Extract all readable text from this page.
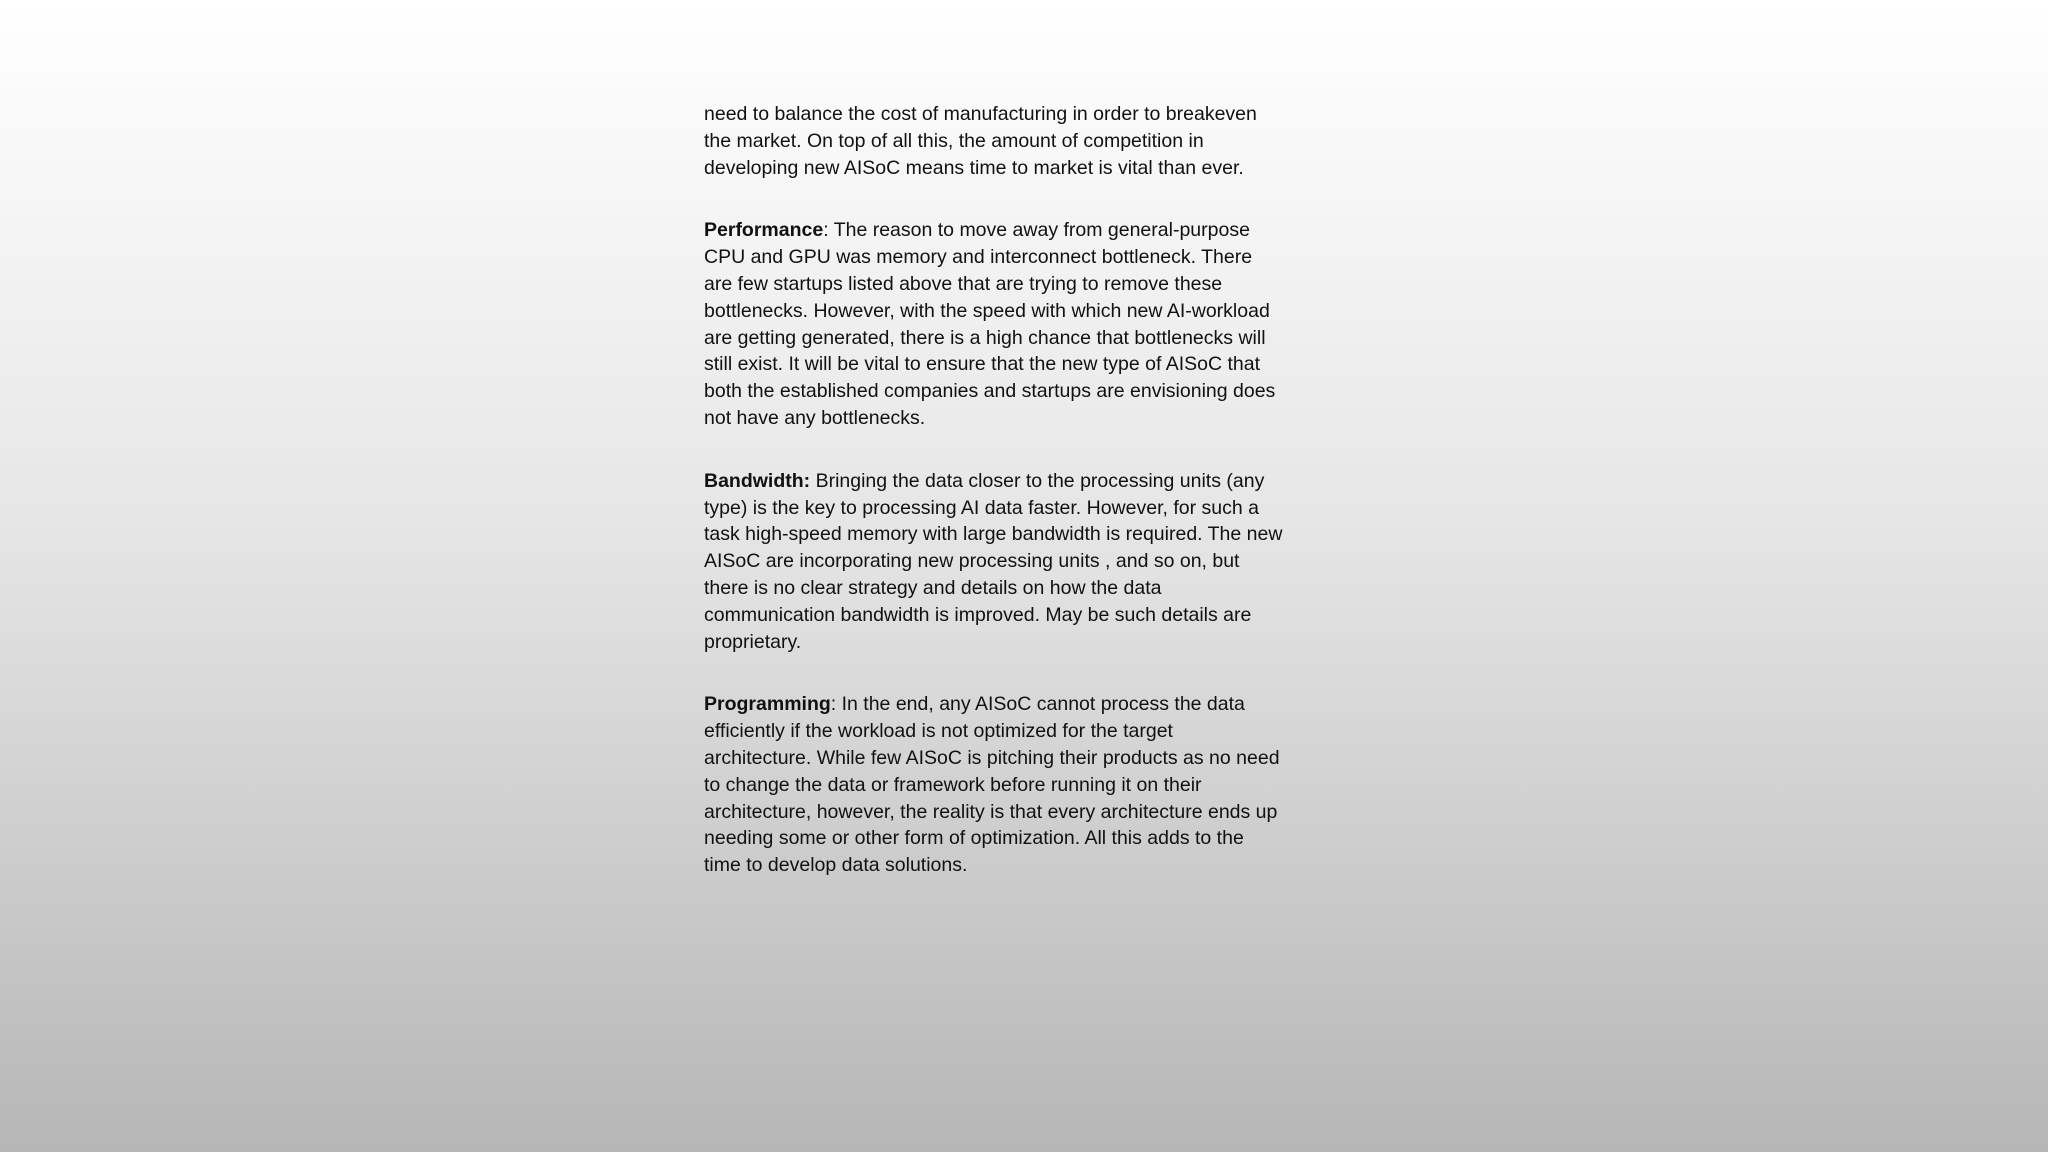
need to balance the cost of manufacturing in order to breakeven the market. On top of all this, the amount of competition in developing new AISoC means time to market is vital than ever.

Performance: The reason to move away from general-purpose CPU and GPU was memory and interconnect bottleneck. There are few startups listed above that are trying to remove these bottlenecks. However, with the speed with which new AI-workload are getting generated, there is a high chance that bottlenecks will still exist. It will be vital to ensure that the new type of AISoC that both the established companies and startups are envisioning does not have any bottlenecks.

Bandwidth: Bringing the data closer to the processing units (any type) is the key to processing AI data faster. However, for such a task high-speed memory with large bandwidth is required. The new AISoC are incorporating new processing units , and so on, but there is no clear strategy and details on how the data communication bandwidth is improved. May be such details are proprietary.

Programming: In the end, any AISoC cannot process the data efficiently if the workload is not optimized for the target architecture. While few AISoC is pitching their products as no need to change the data or framework before running it on their architecture, however, the reality is that every architecture ends up needing some or other form of optimization. All this adds to the time to develop data solutions.
